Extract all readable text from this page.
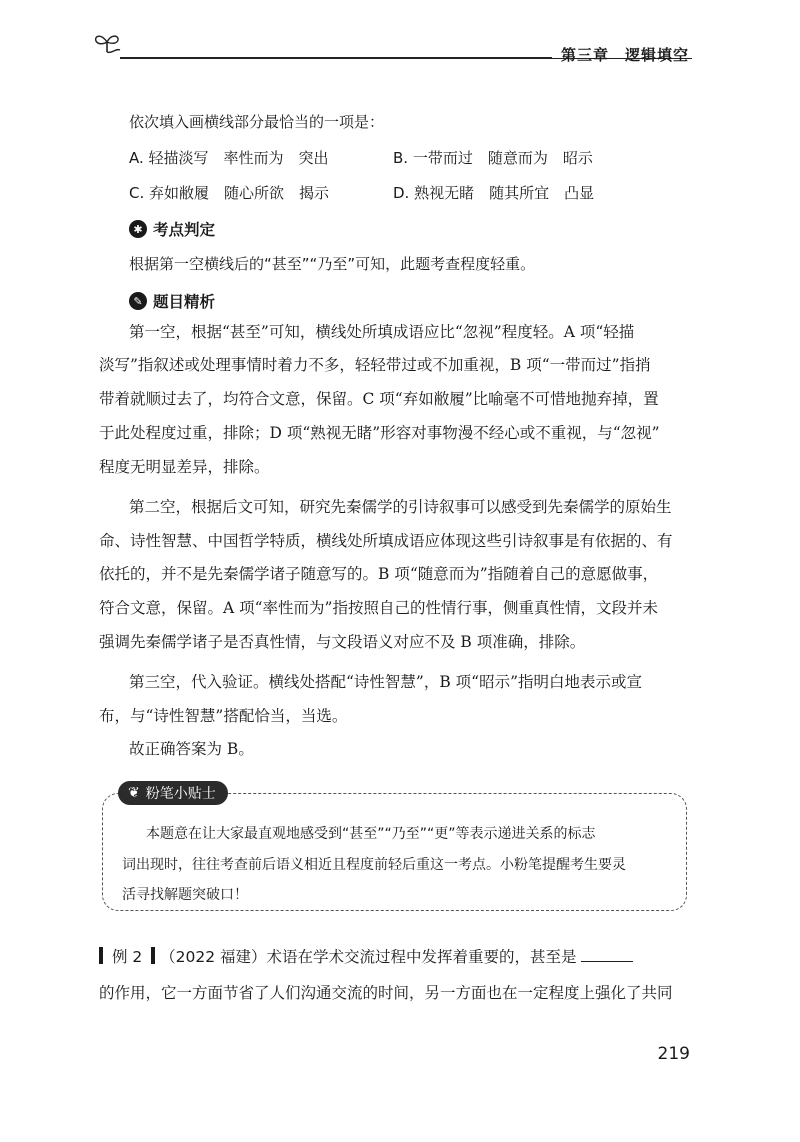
第三章　逻辑填空
依次填入画横线部分最恰当的一项是：
A. 轻描淡写　率性而为　突出	B. 一带而过　随意而为　昭示
C. 弃如敝履　随心所欲　揭示	D. 熟视无睹　随其所宜　凸显
✱ 考点判定
根据第一空横线后的“甚至”“乃至”可知，此题考查程度轻重。
✎ 题目精析
第一空，根据“甚至”可知，横线处所填成语应比“忽视”程度轻。A 项“轻描
淡写”指叙述或处理事情时着力不多，轻轻带过或不加重视，B 项“一带而过”指捎
带着就顺过去了，均符合文意，保留。C 项“弃如敝履”比喻毫不可惜地抛弃掉，置
于此处程度过重，排除；D 项“熟视无睹”形容对事物漫不经心或不重视，与“忽视”
程度无明显差异，排除。
第二空，根据后文可知，研究先秦儒学的引诗叙事可以感受到先秦儒学的原始生
命、诗性智慧、中国哲学特质，横线处所填成语应体现这些引诗叙事是有依据的、有
依托的，并不是先秦儒学诸子随意写的。B 项“随意而为”指随着自己的意愿做事，
符合文意，保留。A 项“率性而为”指按照自己的性情行事，侧重真性情，文段并未
强调先秦儒学诸子是否真性情，与文段语义对应不及 B 项准确，排除。
第三空，代入验证。横线处搭配“诗性智慧”，B 项“昭示”指明白地表示或宣
布，与“诗性智慧”搭配恰当，当选。
故正确答案为 B。
❦ 粉笔小贴士
本题意在让大家最直观地感受到“甚至”“乃至”“更”等表示递进关系的标志
词出现时，往往考查前后语义相近且程度前轻后重这一考点。小粉笔提醒考生要灵
活寻找解题突破口！
例 2 （2022 福建）术语在学术交流过程中发挥着重要的，甚至是
的作用，它一方面节省了人们沟通交流的时间，另一方面也在一定程度上强化了共同
219
